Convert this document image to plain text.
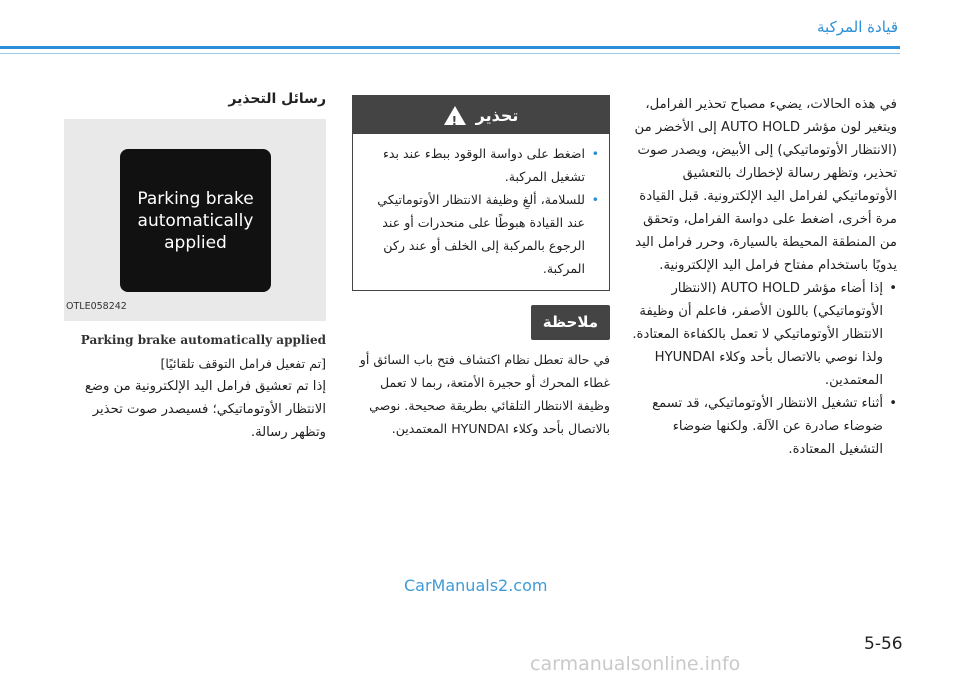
قيادة المركبة

في هذه الحالات، يضيء مصباح تحذير الفرامل، ويتغير لون مؤشر AUTO HOLD إلى الأخضر من (الانتظار الأوتوماتيكي) إلى الأبيض، ويصدر صوت تحذير، وتظهر رسالة لإخطارك بالتعشيق الأوتوماتيكي لفرامل اليد الإلكترونية. قبل القيادة مرة أخرى، اضغط على دواسة الفرامل، وتحقق من المنطقة المحيطة بالسيارة، وحرر فرامل اليد يدويًا باستخدام مفتاح فرامل اليد الإلكترونية.

• إذا أضاء مؤشر AUTO HOLD (الانتظار الأوتوماتيكي) باللون الأصفر، فاعلم أن وظيفة الانتظار الأوتوماتيكي لا تعمل بالكفاءة المعتادة. ولذا نوصي بالاتصال بأحد وكلاء HYUNDAI المعتمدين.
• أثناء تشغيل الانتظار الأوتوماتيكي، قد تسمع ضوضاء صادرة عن الآلة. ولكنها ضوضاء التشغيل المعتادة.
تحذير
!
• اضغط على دواسة الوقود ببطء عند بدء تشغيل المركبة.
• للسلامة، ألغِ وظيفة الانتظار الأوتوماتيكي عند القيادة هبوطًا على منحدرات أو عند الرجوع بالمركبة إلى الخلف أو عند ركن المركبة.
ملاحظة
في حالة تعطل نظام اكتشاف فتح باب السائق أو غطاء المحرك أو حجيرة الأمتعة، ربما لا تعمل وظيفة الانتظار التلقائي بطريقة صحيحة. نوصي بالاتصال بأحد وكلاء HYUNDAI المعتمدين.
رسائل التحذير
Parking brake automatically applied
OTLE058242
Parking brake automatically applied
[تم تفعيل فرامل التوقف تلقائيًا]
إذا تم تعشيق فرامل اليد الإلكترونية من وضع الانتظار الأوتوماتيكي؛ فسيصدر صوت تحذير وتظهر رسالة.
CarManuals2.com
5-56
carmanualsonline.info
